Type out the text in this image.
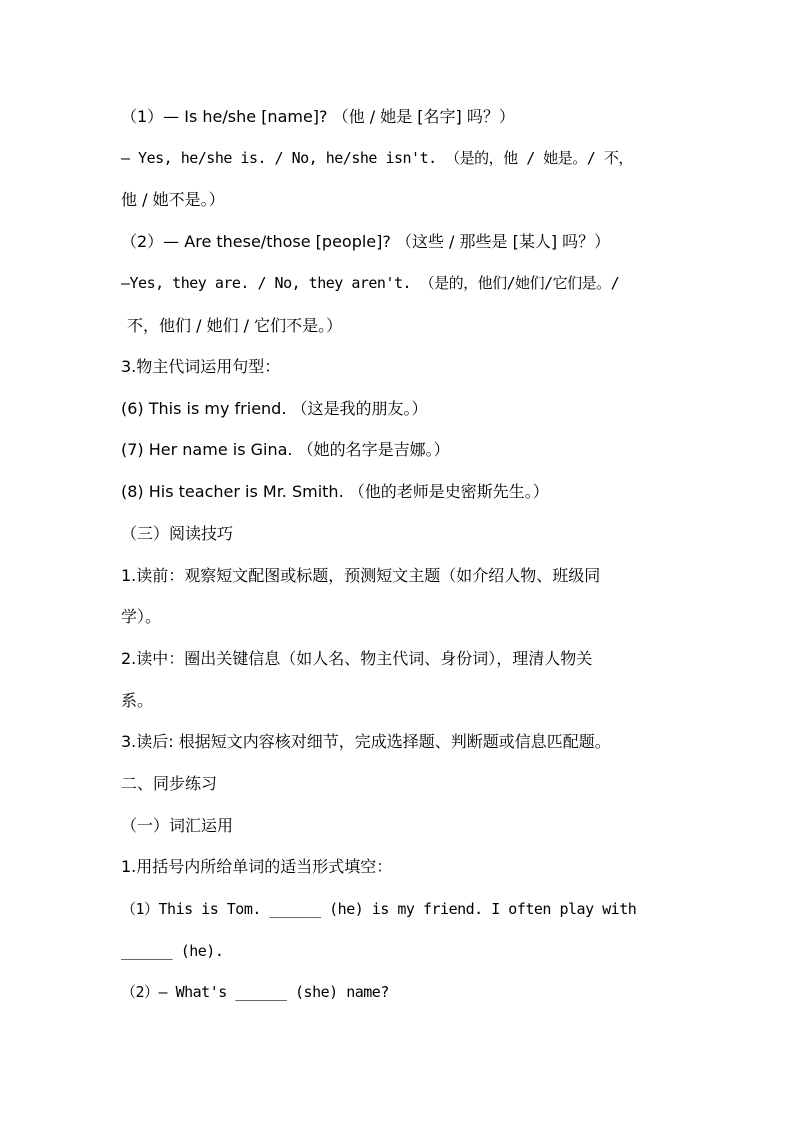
（1）— Is he/she [name]? （他 / 她是 [名字] 吗？）
— Yes, he/she is. / No, he/she isn't. （是的，他 / 她是。/ 不，
他 / 她不是。）
（2）— Are these/those [people]? （这些 / 那些是 [某人] 吗？）
—Yes, they are. / No, they aren't. （是的，他们/她们/它们是。/
不，他们 / 她们 / 它们不是。）
3.物主代词运用句型：
(6) This is my friend. （这是我的朋友。）
(7) Her name is Gina. （她的名字是吉娜。）
(8) His teacher is Mr. Smith. （他的老师是史密斯先生。）
（三）阅读技巧
1.读前：观察短文配图或标题，预测短文主题（如介绍人物、班级同
学）。
2.读中：圈出关键信息（如人名、物主代词、身份词），理清人物关
系。
3.读后: 根据短文内容核对细节，完成选择题、判断题或信息匹配题。
二、同步练习
（一）词汇运用
1.用括号内所给单词的适当形式填空：
（1）This is Tom. ______ (he) is my friend. I often play with
______ (he).
（2）— What's ______ (she) name?
